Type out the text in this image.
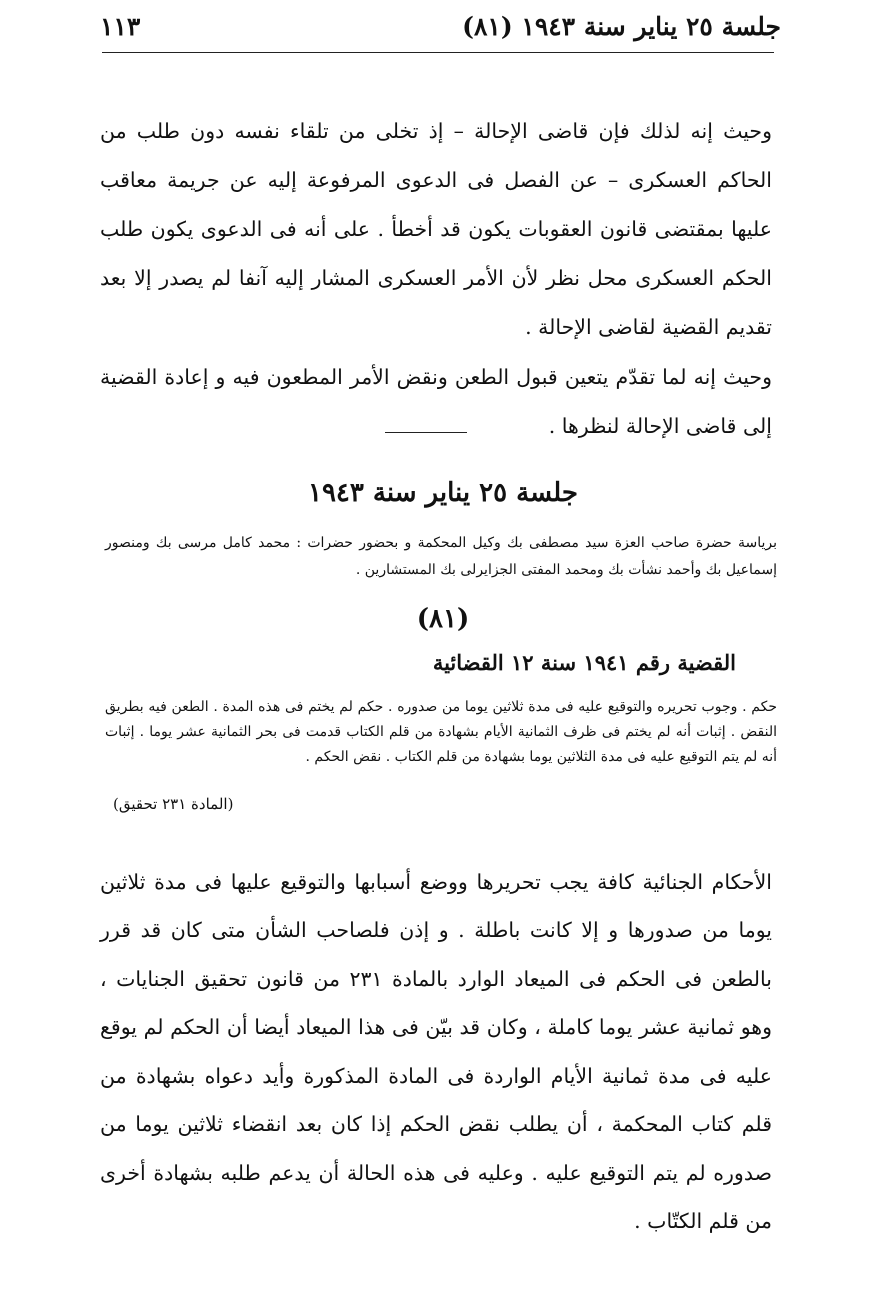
جلسة ٢٥ يناير سنة ١٩٤٣ (٨١)
١١٣

وحيث إنه لذلك فإن قاضى الإحالة – إذ تخلى من تلقاء نفسه دون طلب من الحاكم العسكرى – عن الفصل فى الدعوى المرفوعة إليه عن جريمة معاقب عليها بمقتضى قانون العقوبات يكون قد أخطأ . على أنه فى الدعوى يكون طلب الحكم العسكرى محل نظر لأن الأمر العسكرى المشار إليه آنفا لم يصدر إلا بعد تقديم القضية لقاضى الإحالة .

وحيث إنه لما تقدّم يتعين قبول الطعن ونقض الأمر المطعون فيه و إعادة القضية إلى قاضى الإحالة لنظرها .

جلسة ٢٥ يناير سنة ١٩٤٣
برياسة حضرة صاحب العزة سيد مصطفى بك وكيل المحكمة و بحضور حضرات : محمد كامل مرسى بك ومنصور إسماعيل بك وأحمد نشأت بك ومحمد المفتى الجزايرلى بك المستشارين .
(٨١)
القضية رقم ١٩٤١ سنة ١٢ القضائية
حكم . وجوب تحريره والتوقيع عليه فى مدة ثلاثين يوما من صدوره . حكم لم يختم فى هذه المدة . الطعن فيه بطريق النقض . إثبات أنه لم يختم فى ظرف الثمانية الأيام بشهادة من قلم الكتاب قدمت فى بحر الثمانية عشر يوما . إثبات أنه لم يتم التوقيع عليه فى مدة الثلاثين يوما بشهادة من قلم الكتاب . نقض الحكم .
(المادة ٢٣١ تحقيق)

الأحكام الجنائية كافة يجب تحريرها ووضع أسبابها والتوقيع عليها فى مدة ثلاثين يوما من صدورها و إلا كانت باطلة . و إذن فلصاحب الشأن متى كان قد قرر بالطعن فى الحكم فى الميعاد الوارد بالمادة ٢٣١ من قانون تحقيق الجنايات ، وهو ثمانية عشر يوما كاملة ، وكان قد بيّن فى هذا الميعاد أيضا أن الحكم لم يوقع عليه فى مدة ثمانية الأيام الواردة فى المادة المذكورة وأيد دعواه بشهادة من قلم كتاب المحكمة ، أن يطلب نقض الحكم إذا كان بعد انقضاء ثلاثين يوما من صدوره لم يتم التوقيع عليه . وعليه فى هذه الحالة أن يدعم طلبه بشهادة أخرى من قلم الكتّاب .
